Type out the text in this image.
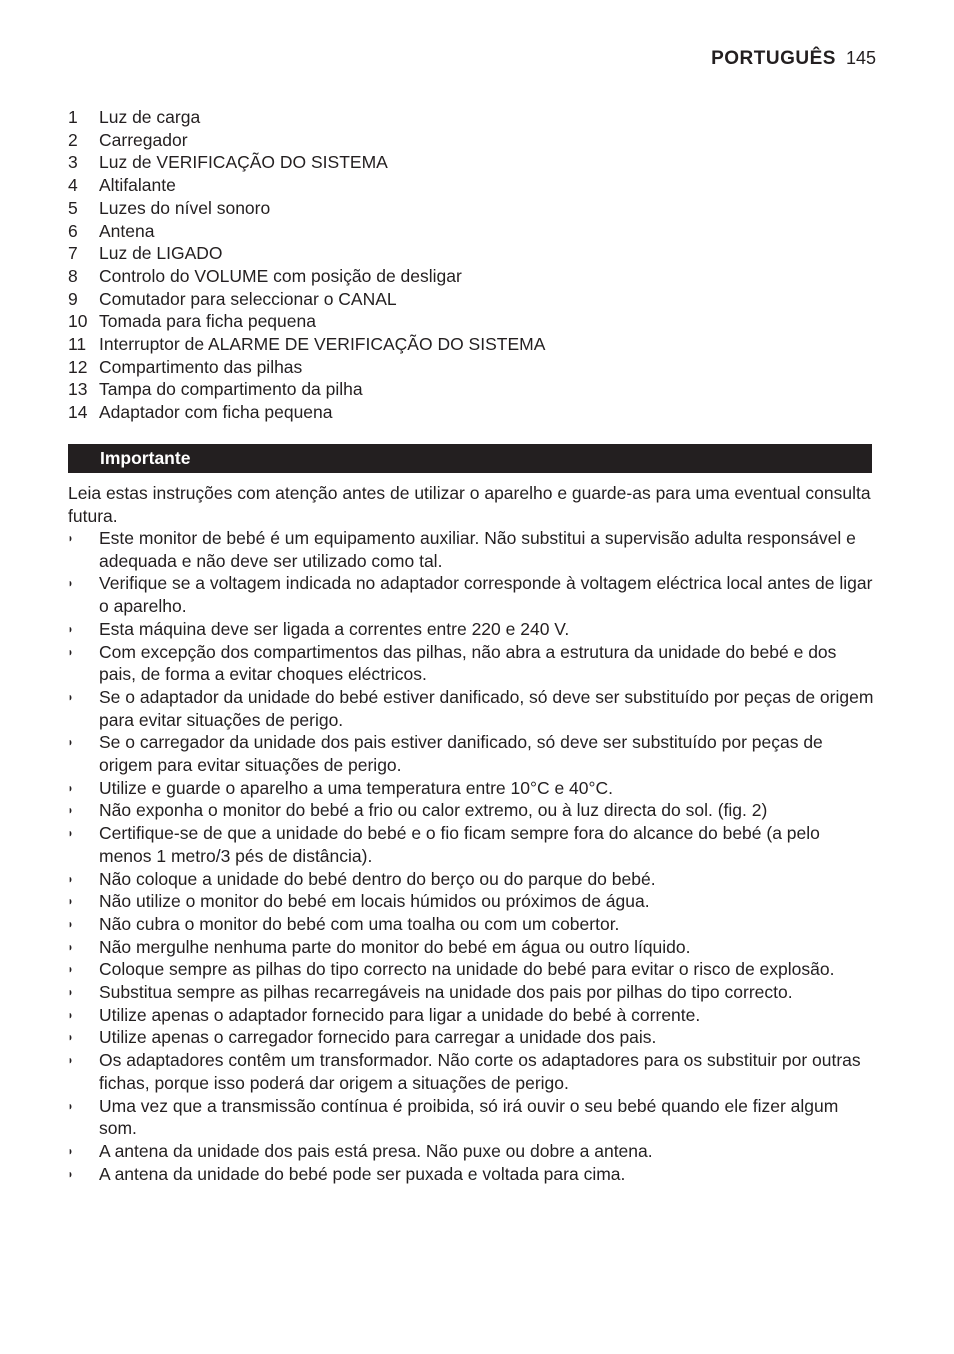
PORTUGUÊS 145
1	Luz de carga
2	Carregador
3	Luz de VERIFICAÇÃO DO SISTEMA
4	Altifalante
5	Luzes do nível sonoro
6	Antena
7	Luz de LIGADO
8	Controlo do VOLUME com posição de desligar
9	Comutador para seleccionar o CANAL
10 Tomada para ficha pequena
11 Interruptor de ALARME DE VERIFICAÇÃO DO SISTEMA
12 Compartimento das pilhas
13 Tampa do compartimento da pilha
14 Adaptador com ficha pequena
Importante

Leia estas instruções com atenção antes de utilizar o aparelho e guarde-as para uma eventual consulta futura.

◗	Este monitor de bebé é um equipamento auxiliar. Não substitui a supervisão adulta responsável e adequada e não deve ser utilizado como tal.
◗	Verifique se a voltagem indicada no adaptador corresponde à voltagem eléctrica local antes de ligar o aparelho.
◗	Esta máquina deve ser ligada a correntes entre 220 e 240 V.
◗	Com excepção dos compartimentos das pilhas, não abra a estrutura da unidade do bebé e dos pais, de forma a evitar choques eléctricos.
◗	Se o adaptador da unidade do bebé estiver danificado, só deve ser substituído por peças de origem para evitar situações de perigo.
◗	Se o carregador da unidade dos pais estiver danificado, só deve ser substituído por peças de origem para evitar situações de perigo.
◗	Utilize e guarde o aparelho a uma temperatura entre 10°C e 40°C.
◗	Não exponha o monitor do bebé a frio ou calor extremo, ou à luz directa do sol. (fig. 2)
◗	Certifique-se de que a unidade do bebé e o fio ficam sempre fora do alcance do bebé (a pelo menos 1 metro/3 pés de distância).
◗	Não coloque a unidade do bebé dentro do berço ou do parque do bebé.
◗	Não utilize o monitor do bebé em locais húmidos ou próximos de água.
◗	Não cubra o monitor do bebé com uma toalha ou com um cobertor.
◗	Não mergulhe nenhuma parte do monitor do bebé em água ou outro líquido.
◗	Coloque sempre as pilhas do tipo correcto na unidade do bebé para evitar o risco de explosão.
◗	Substitua sempre as pilhas recarregáveis na unidade dos pais por pilhas do tipo correcto.
◗	Utilize apenas o adaptador fornecido para ligar a unidade do bebé à corrente.
◗	Utilize apenas o carregador fornecido para carregar a unidade dos pais.
◗	Os adaptadores contêm um transformador. Não corte os adaptadores para os substituir por outras fichas, porque isso poderá dar origem a situações de perigo.
◗	Uma vez que a transmissão contínua é proibida, só irá ouvir o seu bebé quando ele fizer algum som.
◗	A antena da unidade dos pais está presa. Não puxe ou dobre a antena.
◗	A antena da unidade do bebé pode ser puxada e voltada para cima.
